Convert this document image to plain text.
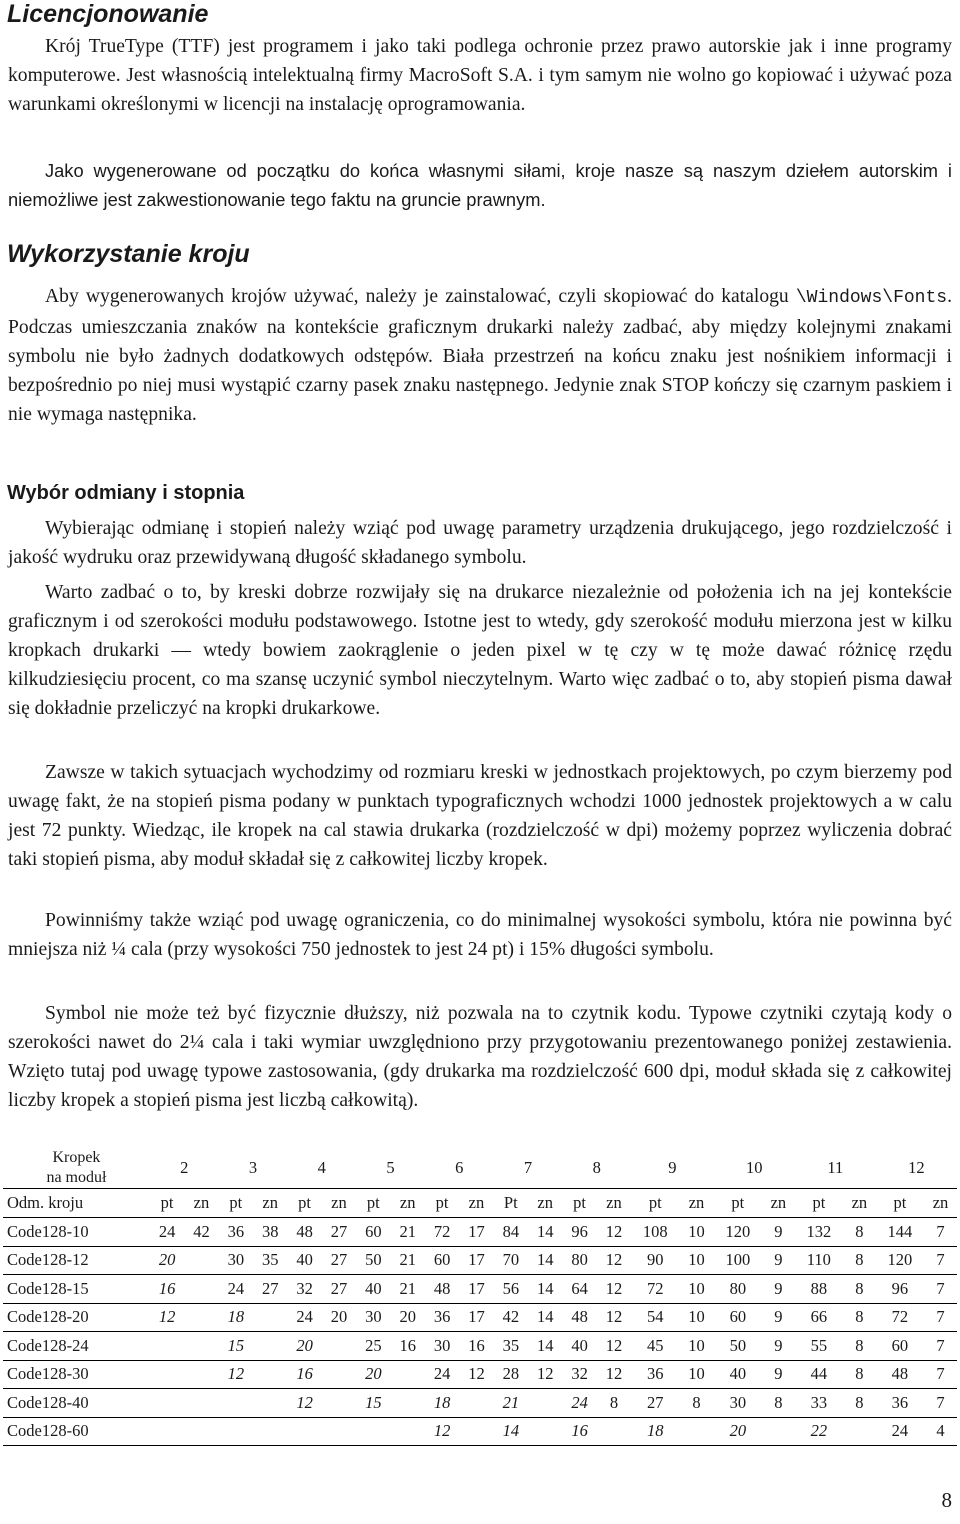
Licencjonowanie

Krój TrueType (TTF) jest programem i jako taki podlega ochronie przez prawo autorskie jak i inne programy komputerowe. Jest własnością intelektualną firmy MacroSoft S.A. i tym samym nie wolno go kopiować i używać poza warunkami określonymi w licencji na instalację oprogramowania.

Jako wygenerowane od początku do końca własnymi siłami, kroje nasze są naszym dziełem autorskim i niemożliwe jest zakwestionowanie tego faktu na gruncie prawnym.

Wykorzystanie kroju

Aby wygenerowanych krojów używać, należy je zainstalować, czyli skopiować do katalogu \Windows\Fonts. Podczas umieszczania znaków na kontekście graficznym drukarki należy zadbać, aby między kolejnymi znakami symbolu nie było żadnych dodatkowych odstępów. Biała przestrzeń na końcu znaku jest nośnikiem informacji i bezpośrednio po niej musi wystąpić czarny pasek znaku następnego. Jedynie znak STOP kończy się czarnym paskiem i nie wymaga następnika.

Wybór odmiany i stopnia

Wybierając odmianę i stopień należy wziąć pod uwagę parametry urządzenia drukującego, jego rozdzielczość i jakość wydruku oraz przewidywaną długość składanego symbolu.

Warto zadbać o to, by kreski dobrze rozwijały się na drukarce niezależnie od położenia ich na jej kontekście graficznym i od szerokości modułu podstawowego. Istotne jest to wtedy, gdy szerokość modułu mierzona jest w kilku kropkach drukarki — wtedy bowiem zaokrąglenie o jeden pixel w tę czy w tę może dawać różnicę rzędu kilkudziesięciu procent, co ma szansę uczynić symbol nieczytelnym. Warto więc zadbać o to, aby stopień pisma dawał się dokładnie przeliczyć na kropki drukarkowe.

Zawsze w takich sytuacjach wychodzimy od rozmiaru kreski w jednostkach projektowych, po czym bierzemy pod uwagę fakt, że na stopień pisma podany w punktach typograficznych wchodzi 1000 jednostek projektowych a w calu jest 72 punkty. Wiedząc, ile kropek na cal stawia drukarka (rozdzielczość w dpi) możemy poprzez wyliczenia dobrać taki stopień pisma, aby moduł składał się z całkowitej liczby kropek.

Powinniśmy także wziąć pod uwagę ograniczenia, co do minimalnej wysokości symbolu, która nie powinna być mniejsza niż ¼ cala (przy wysokości 750 jednostek to jest 24 pt) i 15% długości symbolu.

Symbol nie może też być fizycznie dłuższy, niż pozwala na to czytnik kodu. Typowe czytniki czytają kody o szerokości nawet do 2¼ cala i taki wymiar uwzględniono przy przygotowaniu prezentowanego poniżej zestawienia. Wzięto tutaj pod uwagę typowe zastosowania, (gdy drukarka ma rozdzielczość 600 dpi, moduł składa się z całkowitej liczby kropek a stopień pisma jest liczbą całkowitą).

Kropek
na moduł	2		3		4		5		6		7		8		9		10		11		12	
Odm. kroju	pt	zn	pt	zn	pt	zn	pt	zn	pt	zn	Pt	zn	pt	zn	pt	zn	pt	zn	pt	zn	pt	zn
Code128-10	24	42	36	38	48	27	60	21	72	17	84	14	96	12	108	10	120	9	132	8	144	7
Code128-12	20		30	35	40	27	50	21	60	17	70	14	80	12	90	10	100	9	110	8	120	7
Code128-15	16		24	27	32	27	40	21	48	17	56	14	64	12	72	10	80	9	88	8	96	7
Code128-20	12		18		24	20	30	20	36	17	42	14	48	12	54	10	60	9	66	8	72	7
Code128-24			15		20		25	16	30	16	35	14	40	12	45	10	50	9	55	8	60	7
Code128-30			12		16		20		24	12	28	12	32	12	36	10	40	9	44	8	48	7
Code128-40					12		15		18		21		24	8	27	8	30	8	33	8	36	7
Code128-60									12		14		16		18		20		22		24	4
8
